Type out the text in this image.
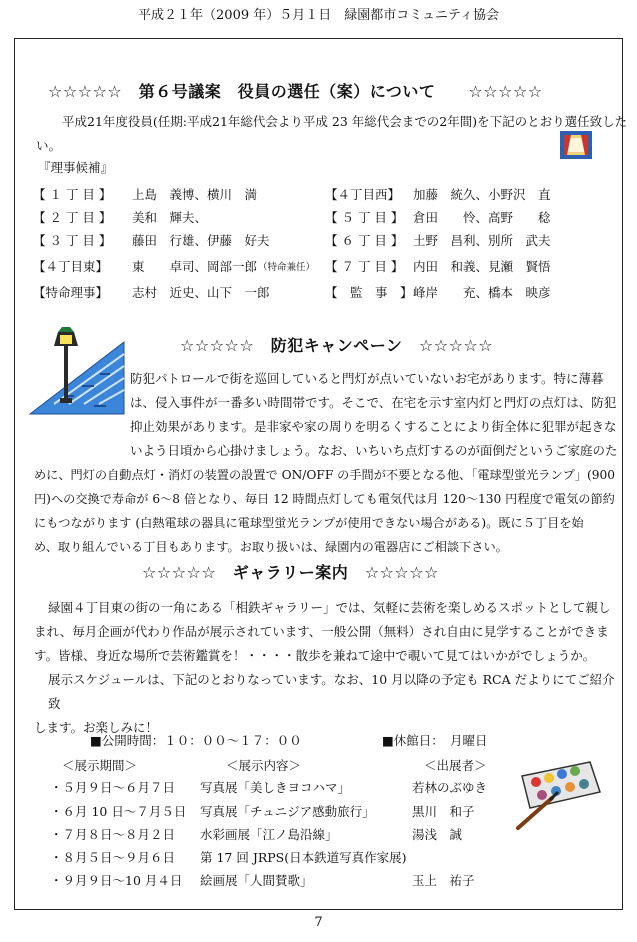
平成２１年（2009 年）５月１日　緑園都市コミュニティ協会
☆☆☆☆☆　第６号議案　役員の選任（案）について　　☆☆☆☆☆
平成21年度役員(任期:平成21年総代会より平成 23 年総代会までの2年間)を下記のとおり選任致した
い。
『理事候補』
【 １ 丁 目 】 上島　義博、横川　満	【４丁目西】 加藤　統久、小野沢　直
【 ２ 丁 目 】 美和　輝夫、	【 ５ 丁 目 】 倉田　　怜、高野　　稔
【 ３ 丁 目 】 藤田　行雄、伊藤　好夫	【 ６ 丁 目 】 土野　昌利、別所　武夫
【４丁目東】 東　　卓司、岡部一郎 （特命兼任） 【 ７ 丁 目 】 内田　和義、見瀬　賢悟
【特命理事】 志村　近史、山下　一郎	【　監　事　】 峰岸　　充、橋本　映彦
☆☆☆☆☆　防犯キャンペーン　☆☆☆☆☆
防犯パトロールで街を巡回していると門灯が点いていないお宅があります。特に薄暮
は、侵入事件が一番多い時間帯です。そこで、在宅を示す室内灯と門灯の点灯は、防犯
抑止効果があります。是非家や家の周りを明るくすることにより街全体に犯罪が起きな
いよう日頃から心掛けましょう。なお、いちいち点灯するのが面倒だというご家庭のた
めに、門灯の自動点灯・消灯の装置の設置で ON/OFF の手間が不要となる他、「電球型蛍光ランプ」(900
円)への交換で寿命が 6～8 倍となり、毎日 12 時間点灯しても電気代は月 120～130 円程度で電気の節約
にもつながります (白熱電球の器具に電球型蛍光ランプが使用できない場合がある)。既に５丁目を始
め、取り組んでいる丁目もあります。お取り扱いは、緑園内の電器店にご相談下さい。
☆☆☆☆☆　ギャラリー案内　☆☆☆☆☆
緑園４丁目東の街の一角にある「相鉄ギャラリー」では、気軽に芸術を楽しめるスポットとして親し
まれ、毎月企画が代わり作品が展示されています、一般公開（無料）され自由に見学することができま
す。皆様、身近な場所で芸術鑑賞を！・・・・散歩を兼ねて途中で覗いて見てはいかがでしょうか。
展示スケジュールは、下記のとおりなっています。なお、10 月以降の予定も RCA だよりにてご紹介致
します。お楽しみに！
■公開時間：１０：００～１７：００	■休館日：　月曜日
＜展示期間＞	＜展示内容＞	＜出展者＞
・５月９日～６月７日 写真展「美しきヨコハマ」	若林のぶゆき
・６月 10 日～７月５日 写真展「チュニジア感動旅行」	黒川　和子
・７月８日～８月２日 水彩画展「江ノ島沿線」	湯浅　誠
・８月５日～９月６日 第 17 回 JRPS(日本鉄道写真作家展)
・９月９日～10 月４日 絵画展「人間賛歌」	玉上　祐子
7
